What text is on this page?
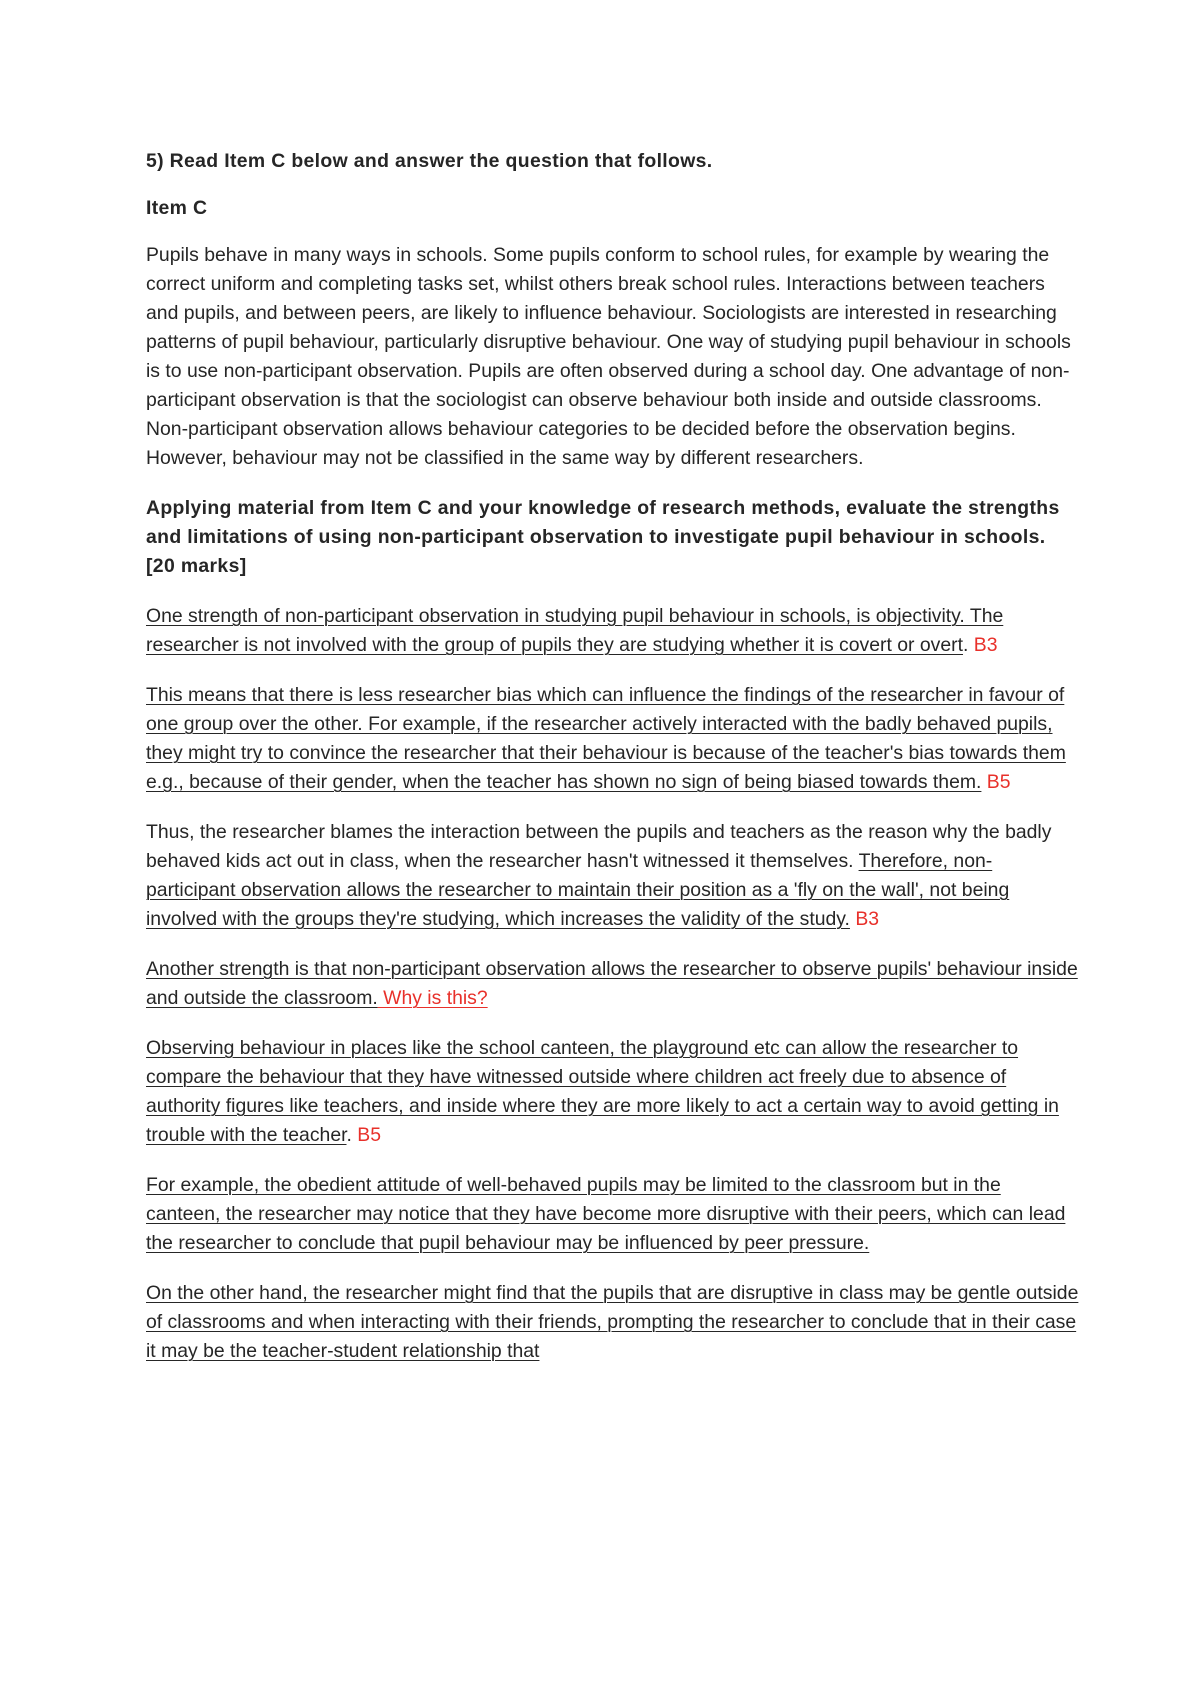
5) Read Item C below and answer the question that follows.

Item C

Pupils behave in many ways in schools. Some pupils conform to school rules, for example by wearing the correct uniform and completing tasks set, whilst others break school rules. Interactions between teachers and pupils, and between peers, are likely to influence behaviour. Sociologists are interested in researching patterns of pupil behaviour, particularly disruptive behaviour. One way of studying pupil behaviour in schools is to use non-participant observation. Pupils are often observed during a school day. One advantage of non-participant observation is that the sociologist can observe behaviour both inside and outside classrooms. Non-participant observation allows behaviour categories to be decided before the observation begins. However, behaviour may not be classified in the same way by different researchers.

Applying material from Item C and your knowledge of research methods, evaluate the strengths and limitations of using non-participant observation to investigate pupil behaviour in schools. [20 marks]

One strength of non-participant observation in studying pupil behaviour in schools, is objectivity. The researcher is not involved with the group of pupils they are studying whether it is covert or overt. B3

This means that there is less researcher bias which can influence the findings of the researcher in favour of one group over the other. For example, if the researcher actively interacted with the badly behaved pupils, they might try to convince the researcher that their behaviour is because of the teacher's bias towards them e.g., because of their gender, when the teacher has shown no sign of being biased towards them. B5

Thus, the researcher blames the interaction between the pupils and teachers as the reason why the badly behaved kids act out in class, when the researcher hasn't witnessed it themselves. Therefore, non-participant observation allows the researcher to maintain their position as a 'fly on the wall', not being involved with the groups they're studying, which increases the validity of the study. B3

Another strength is that non-participant observation allows the researcher to observe pupils' behaviour inside and outside the classroom. Why is this?

Observing behaviour in places like the school canteen, the playground etc can allow the researcher to compare the behaviour that they have witnessed outside where children act freely due to absence of authority figures like teachers, and inside where they are more likely to act a certain way to avoid getting in trouble with the teacher. B5

For example, the obedient attitude of well-behaved pupils may be limited to the classroom but in the canteen, the researcher may notice that they have become more disruptive with their peers, which can lead the researcher to conclude that pupil behaviour may be influenced by peer pressure.

On the other hand, the researcher might find that the pupils that are disruptive in class may be gentle outside of classrooms and when interacting with their friends, prompting the researcher to conclude that in their case it may be the teacher-student relationship that
